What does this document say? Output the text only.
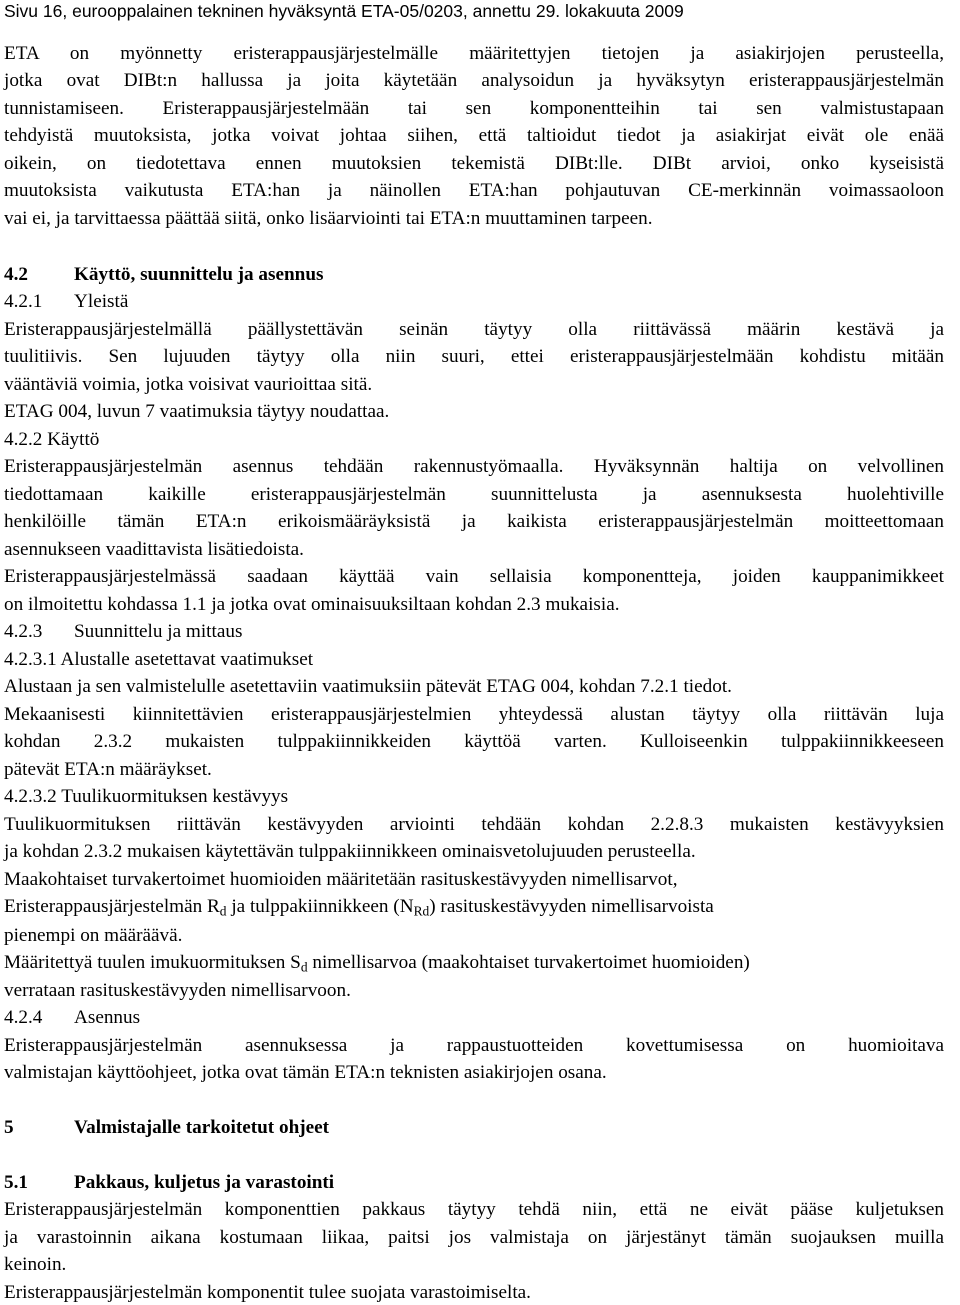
Sivu 16, eurooppalainen tekninen hyväksyntä ETA-05/0203, annettu 29. lokakuuta 2009
ETA on myönnetty eristerappausjärjestelmälle määritettyjen tietojen ja asiakirjojen perusteella,
jotka ovat DIBt:n hallussa ja joita käytetään analysoidun ja hyväksytyn eristerappausjärjestelmän
tunnistamiseen. Eristerappausjärjestelmään tai sen komponentteihin tai sen valmistustapaan
tehdyistä muutoksista, jotka voivat johtaa siihen, että taltioidut tiedot ja asiakirjat eivät ole enää
oikein, on tiedotettava ennen muutoksien tekemistä DIBt:lle. DIBt arvioi, onko kyseisistä
muutoksista vaikutusta ETA:han ja näinollen ETA:han pohjautuvan CE-merkinnän voimassaoloon
vai ei, ja tarvittaessa päättää siitä, onko lisäarviointi tai ETA:n muuttaminen tarpeen.
4.2 Käyttö, suunnittelu ja asennus
4.2.1 Yleistä
Eristerappausjärjestelmällä päällystettävän seinän täytyy olla riittävässä määrin kestävä ja
tuulitiivis. Sen lujuuden täytyy olla niin suuri, ettei eristerappausjärjestelmään kohdistu mitään
vääntäviä voimia, jotka voisivat vaurioittaa sitä.
ETAG 004, luvun 7 vaatimuksia täytyy noudattaa.
4.2.2 Käyttö
Eristerappausjärjestelmän asennus tehdään rakennustyömaalla. Hyväksynnän haltija on velvollinen
tiedottamaan kaikille eristerappausjärjestelmän suunnittelusta ja asennuksesta huolehtiville
henkilöille tämän ETA:n erikoismääräyksistä ja kaikista eristerappausjärjestelmän moitteettomaan
asennukseen vaadittavista lisätiedoista.
Eristerappausjärjestelmässä saadaan käyttää vain sellaisia komponentteja, joiden kauppanimikkeet
on ilmoitettu kohdassa 1.1 ja jotka ovat ominaisuuksiltaan kohdan 2.3 mukaisia.
4.2.3 Suunnittelu ja mittaus
4.2.3.1 Alustalle asetettavat vaatimukset
Alustaan ja sen valmistelulle asetettaviin vaatimuksiin pätevät ETAG 004, kohdan 7.2.1 tiedot.
Mekaanisesti kiinnitettävien eristerappausjärjestelmien yhteydessä alustan täytyy olla riittävän luja
kohdan 2.3.2 mukaisten tulppakiinnikkeiden käyttöä varten. Kulloiseenkin tulppakiinnikkeeseen
pätevät ETA:n määräykset.
4.2.3.2 Tuulikuormituksen kestävyys
Tuulikuormituksen riittävän kestävyyden arviointi tehdään kohdan 2.2.8.3 mukaisten kestävyyksien
ja kohdan 2.3.2 mukaisen käytettävän tulppakiinnikkeen ominaisvetolujuuden perusteella.
Maakohtaiset turvakertoimet huomioiden määritetään rasituskestävyyden nimellisarvot,
Eristerappausjärjestelmän $R_d$ ja tulppakiinnikkeen $(N_{Rd})$ rasituskestävyyden nimellisarvoista
pienempi on määräävä.
Määritettyä tuulen imukuormituksen $S_d$ nimellisarvoa (maakohtaiset turvakertoimet huomioiden)
verrataan rasituskestävyyden nimellisarvoon.
4.2.4 Asennus
Eristerappausjärjestelmän asennuksessa ja rappaustuotteiden kovettumisessa on huomioitava
valmistajan käyttöohjeet, jotka ovat tämän ETA:n teknisten asiakirjojen osana.
5	Valmistajalle tarkoitetut ohjeet
5.1 Pakkaus, kuljetus ja varastointi
Eristerappausjärjestelmän komponenttien pakkaus täytyy tehdä niin, että ne eivät pääse kuljetuksen
ja varastoinnin aikana kostumaan liikaa, paitsi jos valmistaja on järjestänyt tämän suojauksen muilla
keinoin.
Eristerappausjärjestelmän komponentit tulee suojata varastoimiselta.
